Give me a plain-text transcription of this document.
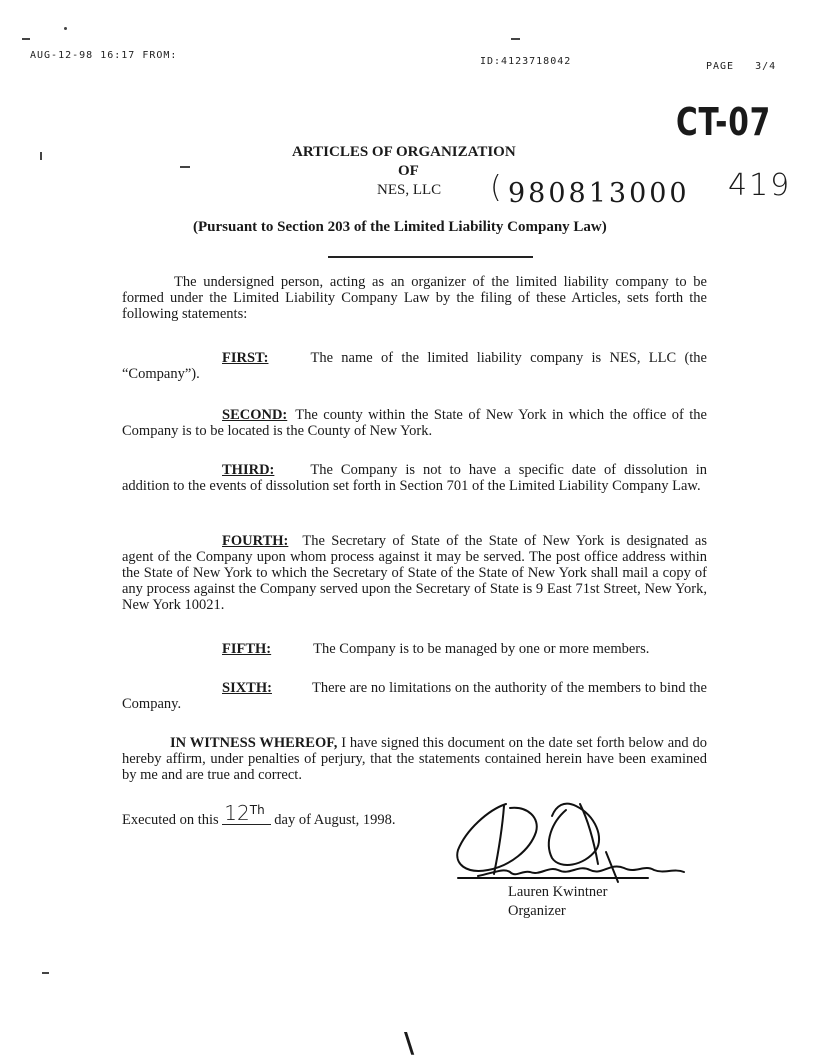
AUG-12-98 16:17 FROM:
ID:4123718042	PAGE   3/4
CT-07
ARTICLES OF ORGANIZATION
OF
NES, LLC ( 980813000 419
(Pursuant to Section 203 of the Limited Liability Company Law)
The undersigned person, acting as an organizer of the limited liability company to be formed under the Limited Liability Company Law by the filing of these Articles, sets forth the following statements:
FIRST:	The name of the limited liability company is NES, LLC (the “Company”).
SECOND: The county within the State of New York in which the office of the Company is to be located is the County of New York.
THIRD: The Company is not to have a specific date of dissolution in addition to the events of dissolution set forth in Section 701 of the Limited Liability Company Law.
FOURTH: The Secretary of State of the State of New York is designated as agent of the Company upon whom process against it may be served. The post office address within the State of New York to which the Secretary of State of the State of New York shall mail a copy of any process against the Company served upon the Secretary of State is 9 East 71st Street, New York, New York 10021.
FIFTH:	The Company is to be managed by one or more members.
SIXTH:	There are no limitations on the authority of the members to bind the Company.
IN WITNESS WHEREOF, I have signed this document on the date set forth below and do hereby affirm, under penalties of perjury, that the statements contained herein have been examined by me and are true and correct.
Executed on this 12Th day of August, 1998.
Lauren Kwintner
Organizer
\
